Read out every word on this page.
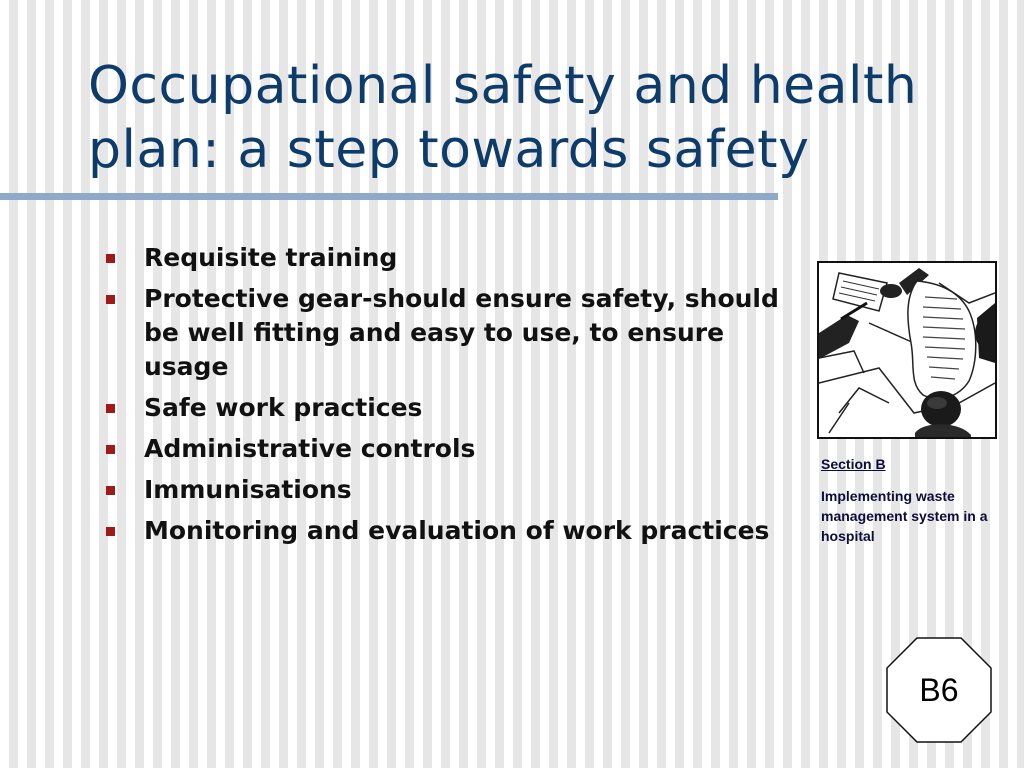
Occupational safety and health
plan: a step towards safety
Requisite training
Protective gear-should ensure safety, should be well fitting and easy to use, to ensure usage
Safe work practices
Administrative controls
Immunisations
Monitoring and evaluation of work practices
Section B
Implementing waste management system in a hospital
B6
